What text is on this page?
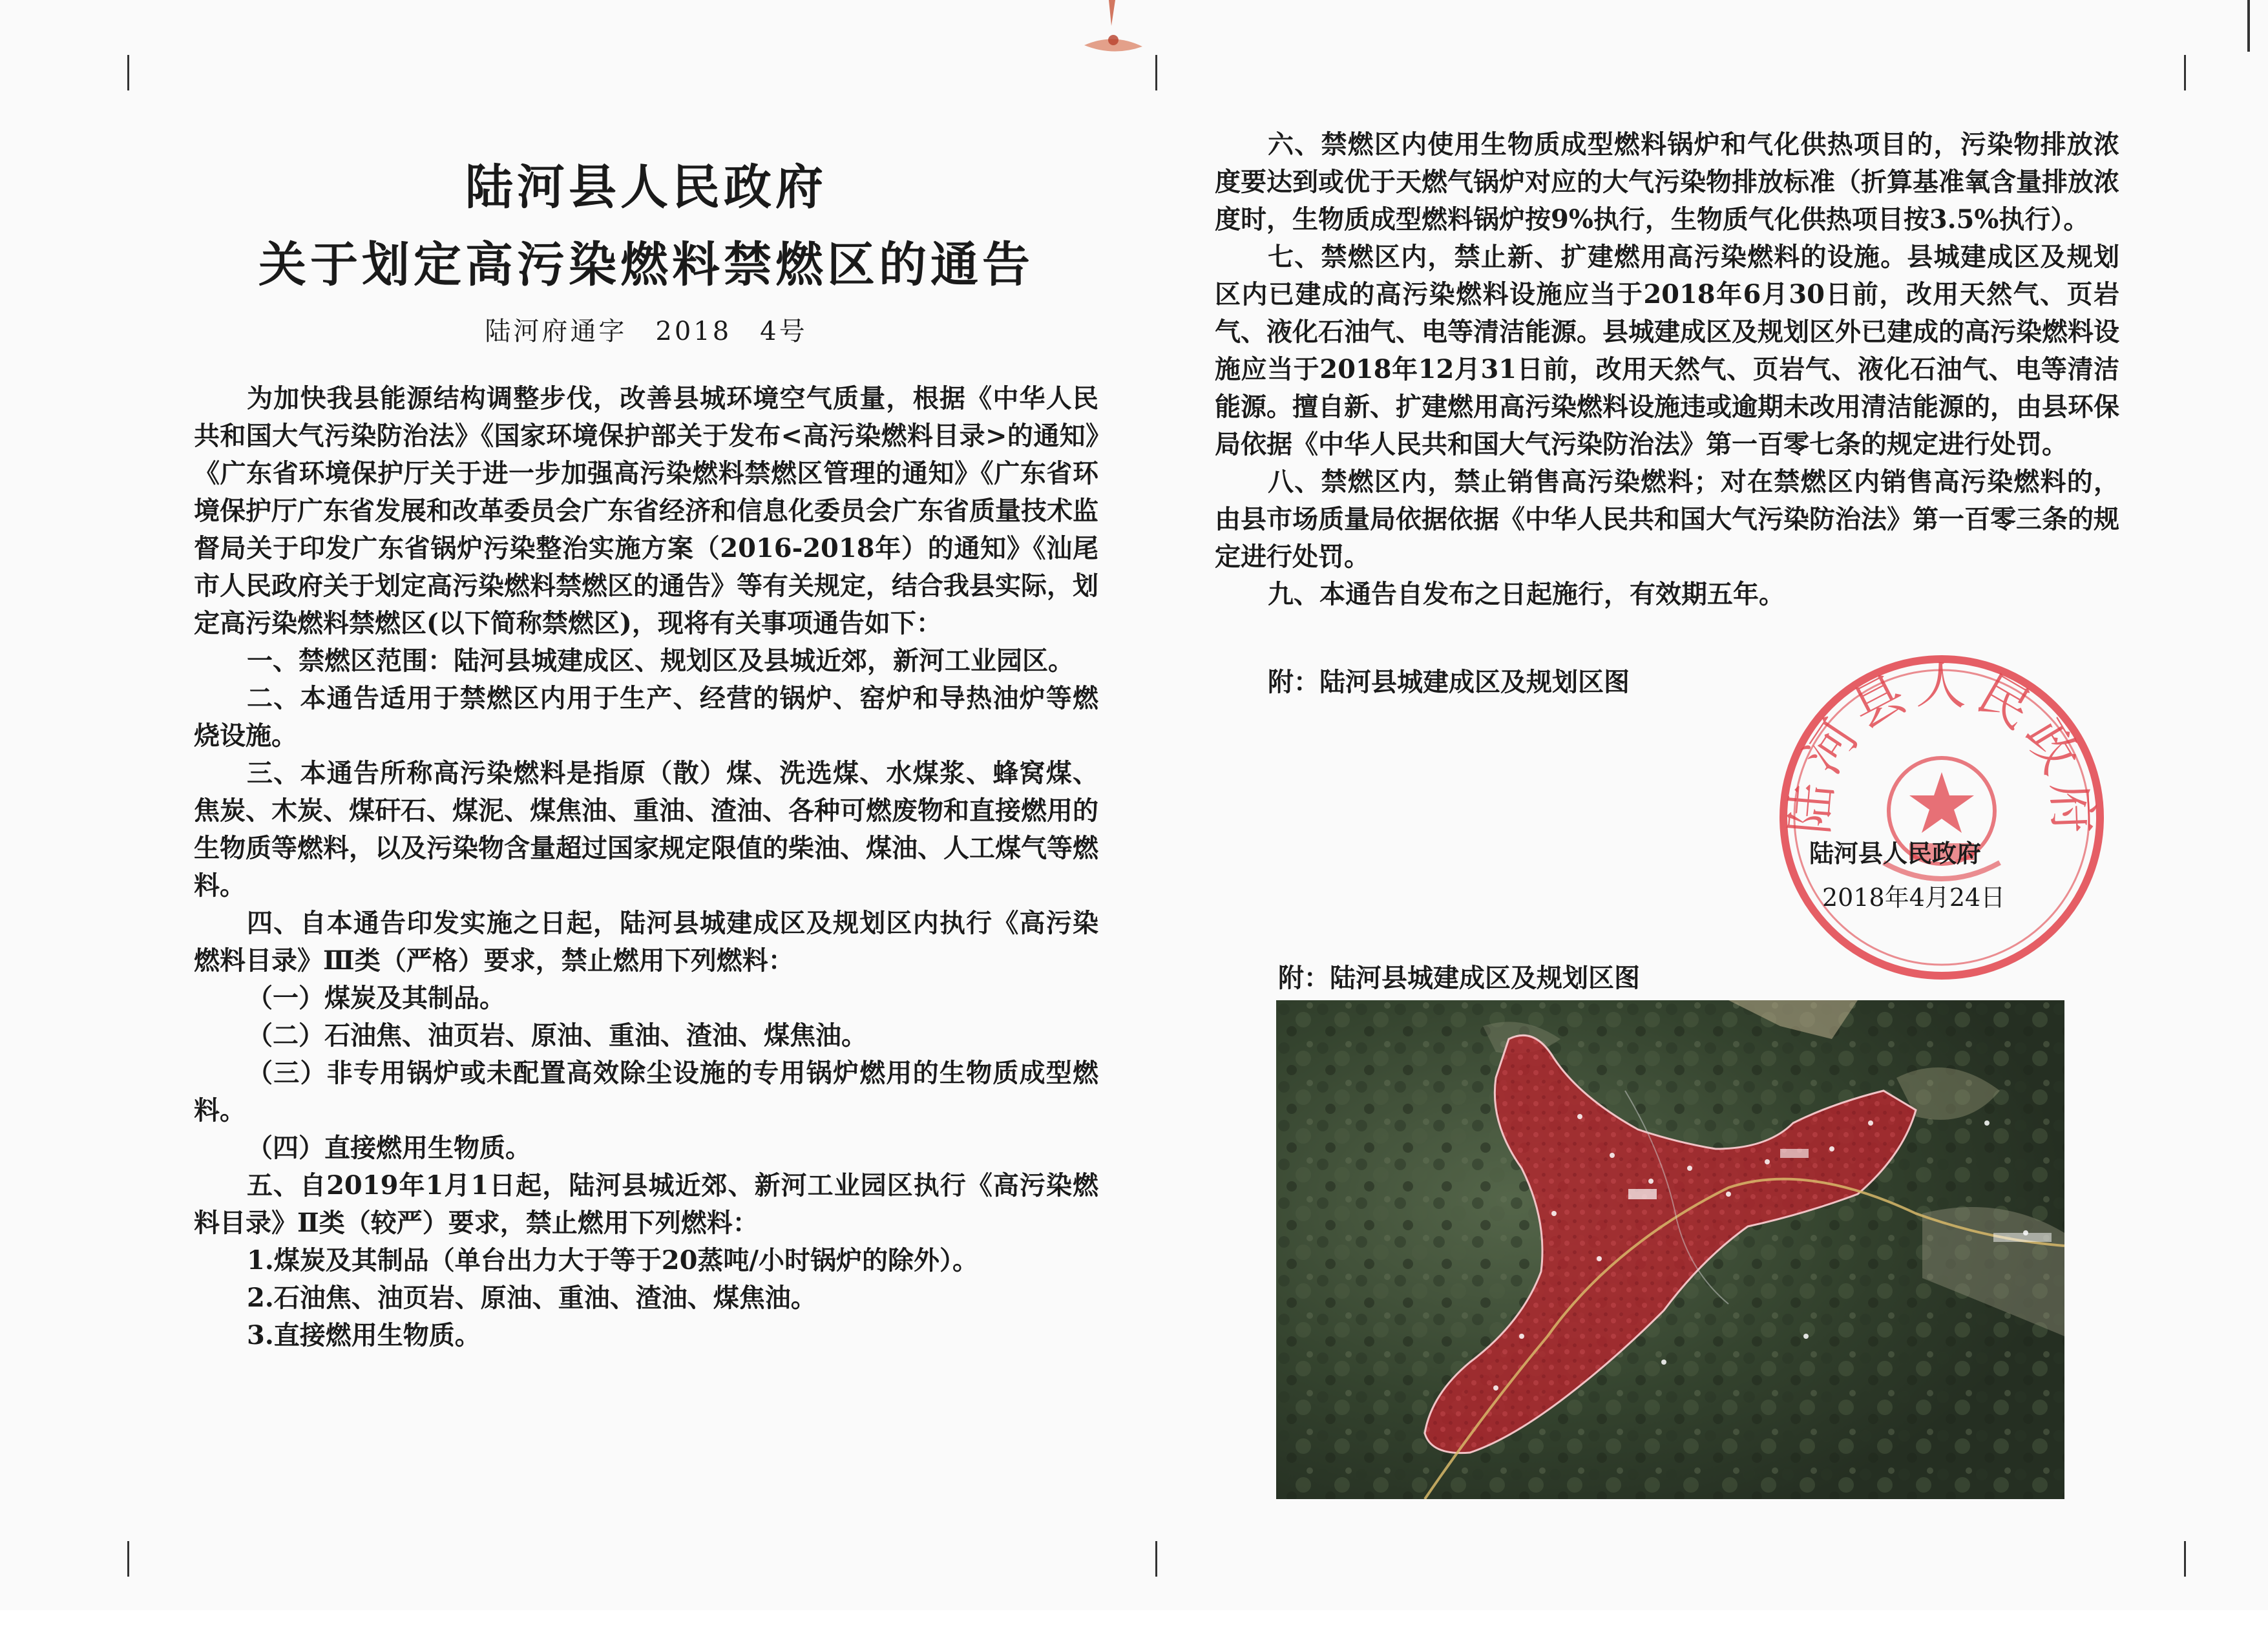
陆河县人民政府
关于划定高污染燃料禁燃区的通告
陆河府通字　2018　4号

为加快我县能源结构调整步伐，改善县城环境空气质量，根据《中华人民共和国大气污染防治法》《国家环境保护部关于发布<高污染燃料目录>的通知》《广东省环境保护厅关于进一步加强高污染燃料禁燃区管理的通知》《广东省环境保护厅广东省发展和改革委员会广东省经济和信息化委员会广东省质量技术监督局关于印发广东省锅炉污染整治实施方案（2016-2018年）的通知》《汕尾市人民政府关于划定高污染燃料禁燃区的通告》等有关规定，结合我县实际，划定高污染燃料禁燃区(以下简称禁燃区)，现将有关事项通告如下：

一、禁燃区范围：陆河县城建成区、规划区及县城近郊，新河工业园区。

二、本通告适用于禁燃区内用于生产、经营的锅炉、窑炉和导热油炉等燃烧设施。

三、本通告所称高污染燃料是指原（散）煤、洗选煤、水煤浆、蜂窝煤、焦炭、木炭、煤矸石、煤泥、煤焦油、重油、渣油、各种可燃废物和直接燃用的生物质等燃料，以及污染物含量超过国家规定限值的柴油、煤油、人工煤气等燃料。

四、自本通告印发实施之日起，陆河县城建成区及规划区内执行《高污染燃料目录》Ⅲ类（严格）要求，禁止燃用下列燃料：

（一）煤炭及其制品。

（二）石油焦、油页岩、原油、重油、渣油、煤焦油。

（三）非专用锅炉或未配置高效除尘设施的专用锅炉燃用的生物质成型燃料。

（四）直接燃用生物质。

五、自2019年1月1日起，陆河县城近郊、新河工业园区执行《高污染燃料目录》Ⅱ类（较严）要求，禁止燃用下列燃料：

1.煤炭及其制品（单台出力大于等于20蒸吨/小时锅炉的除外）。

2.石油焦、油页岩、原油、重油、渣油、煤焦油。

3.直接燃用生物质。

六、禁燃区内使用生物质成型燃料锅炉和气化供热项目的，污染物排放浓度要达到或优于天燃气锅炉对应的大气污染物排放标准（折算基准氧含量排放浓度时，生物质成型燃料锅炉按9%执行，生物质气化供热项目按3.5%执行）。

七、禁燃区内，禁止新、扩建燃用高污染燃料的设施。县城建成区及规划区内已建成的高污染燃料设施应当于2018年6月30日前，改用天然气、页岩气、液化石油气、电等清洁能源。县城建成区及规划区外已建成的高污染燃料设施应当于2018年12月31日前，改用天然气、页岩气、液化石油气、电等清洁能源。擅自新、扩建燃用高污染燃料设施违或逾期未改用清洁能源的，由县环保局依据《中华人民共和国大气污染防治法》第一百零七条的规定进行处罚。

八、禁燃区内，禁止销售高污染燃料；对在禁燃区内销售高污染燃料的，由县市场质量局依据依据《中华人民共和国大气污染防治法》第一百零三条的规定进行处罚。

九、本通告自发布之日起施行，有效期五年。

附：陆河县城建成区及规划区图

陆河县人民政府
陆河县人民政府
2018年4月24日
附：陆河县城建成区及规划区图
